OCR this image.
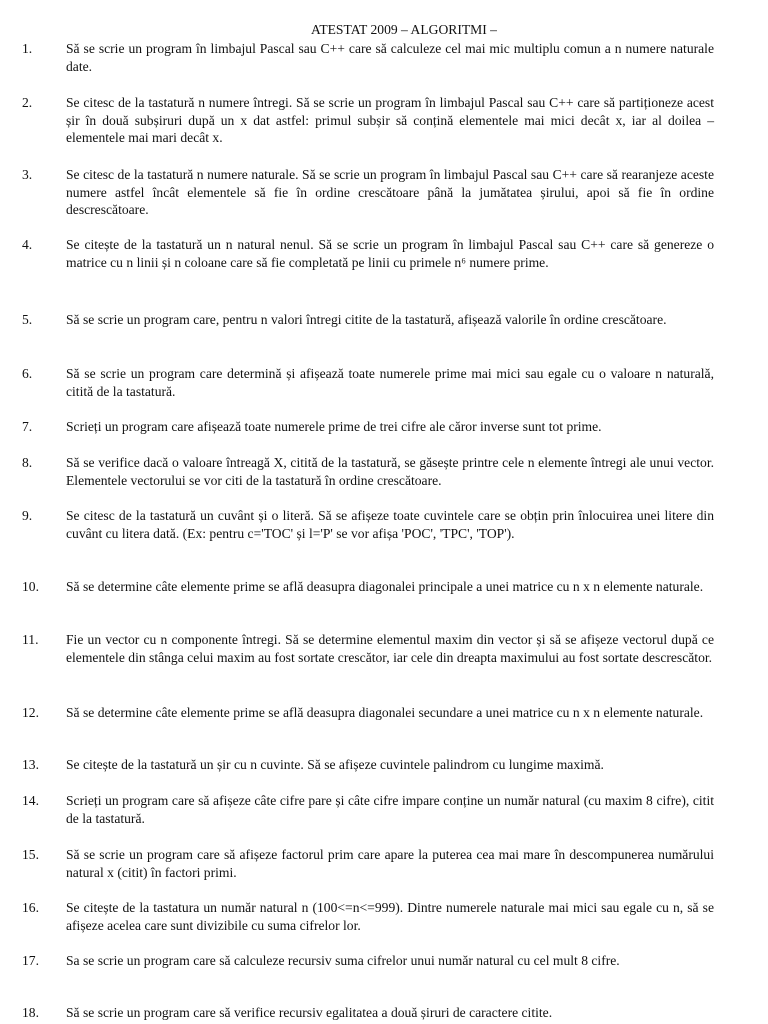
ATESTAT 2009 – ALGORITMI –
1.	Să se scrie un program în limbajul Pascal sau C++ care să calculeze cel mai mic multiplu comun a n numere naturale date.
2.	Se citesc de la tastatură n numere întregi. Să se scrie un program în limbajul Pascal sau C++ care să partiționeze acest șir în două subșiruri după un x dat astfel: primul subșir să conțină elementele mai mici decât x, iar al doilea – elementele mai mari decât x.
3.	Se citesc de la tastatură n numere naturale. Să se scrie un program în limbajul Pascal sau C++ care să rearanjeze aceste numere astfel încât elementele să fie în ordine crescătoare până la jumătatea șirului, apoi să fie în ordine descrescătoare.
4.	Se citește de la tastatură un n natural nenul. Să se scrie un program în limbajul Pascal sau C++ care să genereze o matrice cu n linii și n coloane care să fie completată pe linii cu primele n⁶ numere prime.
5.	Să se scrie un program care, pentru n valori întregi citite de la tastatură, afișează valorile în ordine crescătoare.
6.	Să se scrie un program care determină și afișează toate numerele prime mai mici sau egale cu o valoare n naturală, citită de la tastatură.
7.	Scrieți un program care afișează toate numerele prime de trei cifre ale căror inverse sunt tot prime.
8.	Să se verifice dacă o valoare întreagă X, citită de la tastatură, se găsește printre cele n elemente întregi ale unui vector. Elementele vectorului se vor citi de la tastatură în ordine crescătoare.
9.	Se citesc de la tastatură un cuvânt și o literă. Să se afișeze toate cuvintele care se obțin prin înlocuirea unei litere din cuvânt cu litera dată. (Ex: pentru c='TOC' și l='P' se vor afișa 'POC', 'TPC', 'TOP').
10.	Să se determine câte elemente prime se află deasupra diagonalei principale a unei matrice cu n x n elemente naturale.
11.	Fie un vector cu n componente întregi. Să se determine elementul maxim din vector și să se afișeze vectorul după ce elementele din stânga celui maxim au fost sortate crescător, iar cele din dreapta maximului au fost sortate descrescător.
12.	Să se determine câte elemente prime se află deasupra diagonalei secundare a unei matrice cu n x n elemente naturale.
13.	Se citește de la tastatură un șir cu n cuvinte. Să se afișeze cuvintele palindrom cu lungime maximă.
14.	Scrieți un program care să afișeze câte cifre pare și câte cifre impare conține un număr natural (cu maxim 8 cifre), citit de la tastatură.
15.	Să se scrie un program care să afișeze factorul prim care apare la puterea cea mai mare în descompunerea numărului natural x (citit) în factori primi.
16.	Se citește de la tastatura un număr natural n (100<=n<=999). Dintre numerele naturale mai mici sau egale cu n, să se afișeze acelea care sunt divizibile cu suma cifrelor lor.
17.	Sa se scrie un program care să calculeze recursiv suma cifrelor unui număr natural cu cel mult 8 cifre.
18.	Să se scrie un program care să verifice recursiv egalitatea a două șiruri de caractere citite.
